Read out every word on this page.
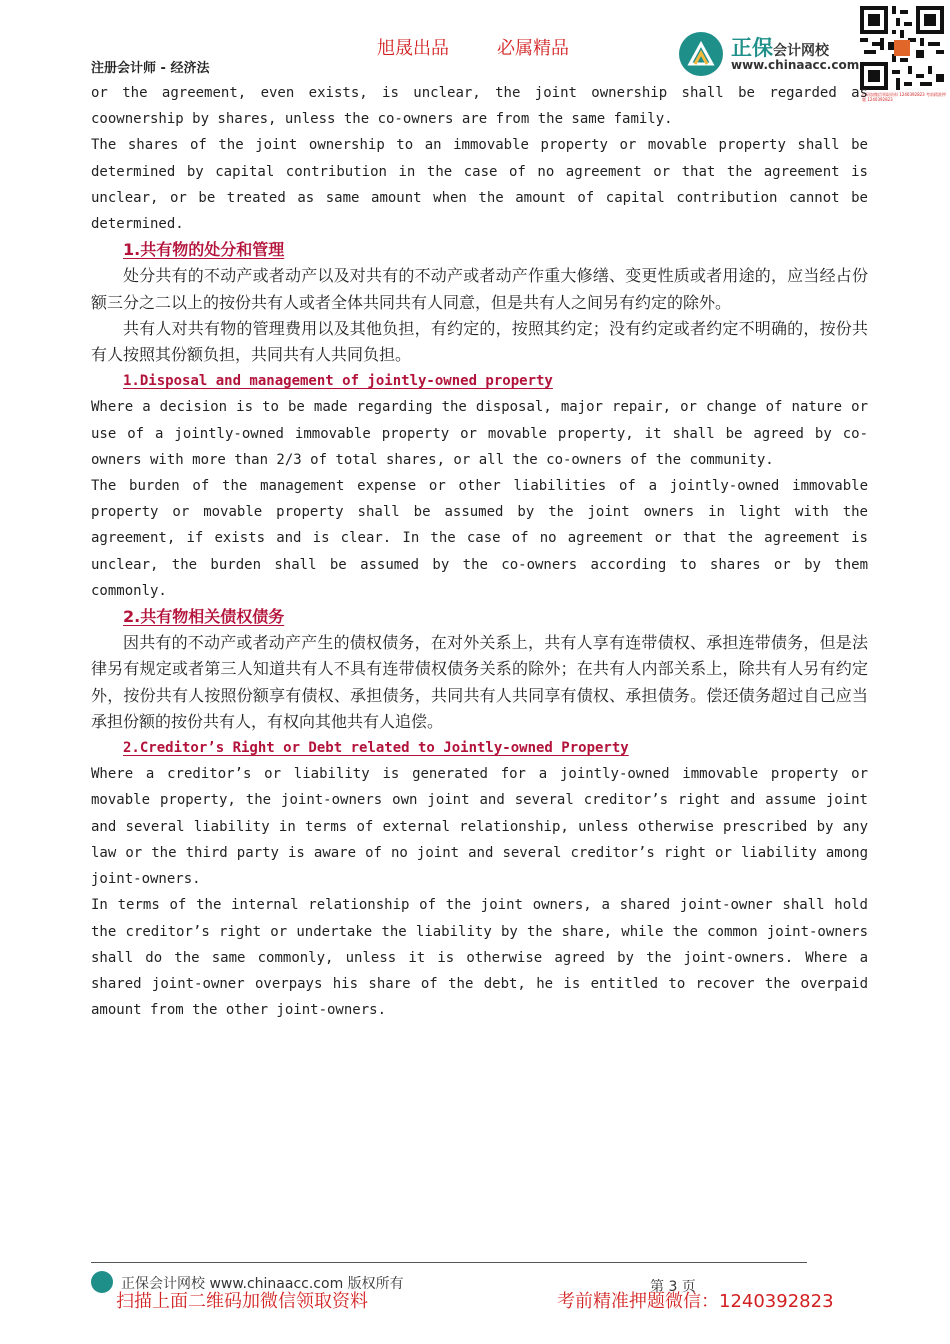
旭晟出品	必属精品
注册会计师 - 经济法
正保会计网校
www.chinaacc.com
扫码加微信领取资料 1240392823 考前精准押题 1240392823

or the agreement, even exists, is unclear, the joint ownership shall be regarded as coownership by shares, unless the co-owners are from the same family.

The shares of the joint ownership to an immovable property or movable property shall be determined by capital contribution in the case of no agreement or that the agreement is unclear, or be treated as same amount when the amount of capital contribution cannot be determined.

1.共有物的处分和管理

处分共有的不动产或者动产以及对共有的不动产或者动产作重大修缮、变更性质或者用途的，应当经占份额三分之二以上的按份共有人或者全体共同共有人同意，但是共有人之间另有约定的除外。

共有人对共有物的管理费用以及其他负担，有约定的，按照其约定；没有约定或者约定不明确的，按份共有人按照其份额负担，共同共有人共同负担。

1.Disposal and management of jointly-owned property

Where a decision is to be made regarding the disposal, major repair, or change of nature or use of a jointly-owned immovable property or movable property, it shall be agreed by co-owners with more than 2/3 of total shares, or all the co-owners of the community.

The burden of the management expense or other liabilities of a jointly-owned immovable property or movable property shall be assumed by the joint owners in light with the agreement, if exists and is clear. In the case of no agreement or that the agreement is unclear, the burden shall be assumed by the co-owners according to shares or by them commonly.

2.共有物相关债权债务

因共有的不动产或者动产产生的债权债务，在对外关系上，共有人享有连带债权、承担连带债务，但是法律另有规定或者第三人知道共有人不具有连带债权债务关系的除外；在共有人内部关系上，除共有人另有约定外，按份共有人按照份额享有债权、承担债务，共同共有人共同享有债权、承担债务。偿还债务超过自己应当承担份额的按份共有人，有权向其他共有人追偿。

2.Creditor’s Right or Debt related to Jointly-owned Property

Where a creditor’s or liability is generated for a jointly-owned immovable property or movable property, the joint-owners own joint and several creditor’s right and assume joint and several liability in terms of external relationship, unless otherwise prescribed by any law or the third party is aware of no joint and several creditor’s right or liability among joint-owners.

In terms of the internal relationship of the joint owners, a shared joint-owner shall hold the creditor’s right or undertake the liability by the share, while the common joint-owners shall do the same commonly, unless it is otherwise agreed by the joint-owners. Where a shared joint-owner overpays his share of the debt, he is entitled to recover the overpaid amount from the other joint-owners.

正保会计网校 www.chinaacc.com 版权所有	第 3 页
扫描上面二维码加微信领取资料	考前精准押题微信：1240392823
